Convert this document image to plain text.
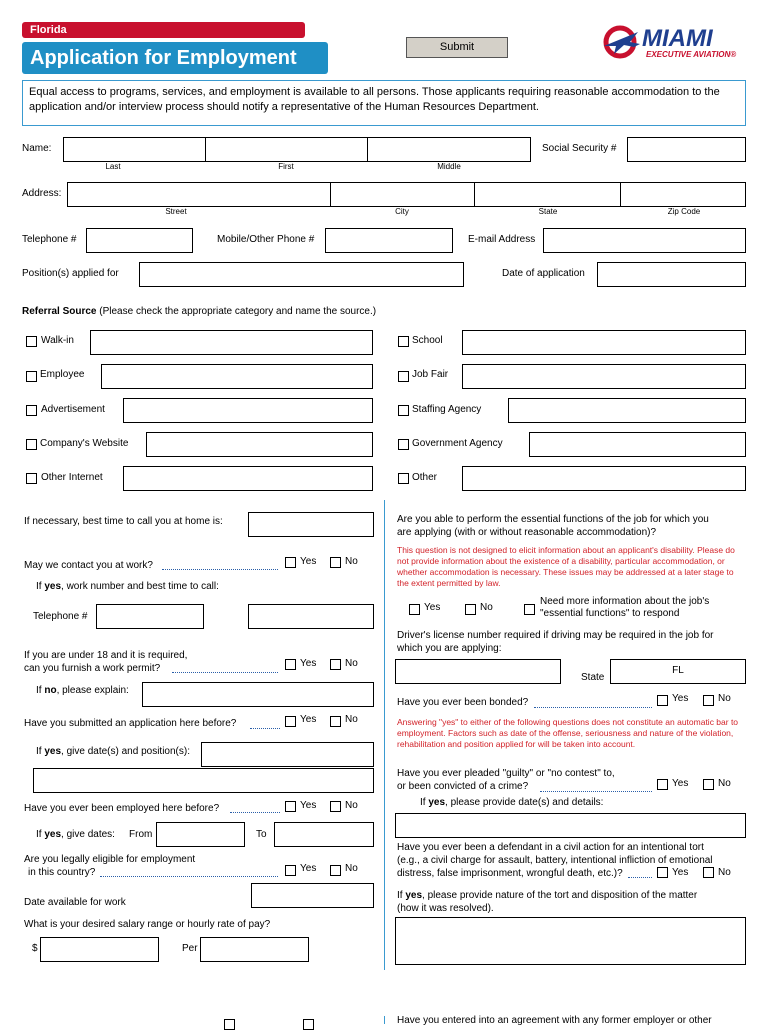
Florida
Application for Employment	Submit	MIAMI
EXECUTIVE AVIATION®
Equal access to programs, services, and employment is available to all persons. Those applicants requiring reasonable accommodation to the application and/or interview process should notify a representative of the Human Resources Department.
Name:
Last	First	Middle
Social Security #
Address:
Street	City	State	Zip Code
Telephone #	Mobile/Other Phone #	E-mail Address
Position(s) applied for	Date of application
Referral Source (Please check the appropriate category and name the source.)
Walk-in
Employee
Advertisement
Company's Website
Other Internet
School
Job Fair
Staffing Agency
Government Agency
Other
If necessary, best time to call you at home is:
May we contact you at work?	Yes	No
If yes, work number and best time to call:
Telephone #
If you are under 18 and it is required,
can you furnish a work permit?	Yes	No
If no, please explain:
Have you submitted an application here before?	Yes	No
If yes, give date(s) and position(s):
Have you ever been employed here before?	Yes	No
If yes, give dates: From	To
Are you legally eligible for employment
in this country?	Yes	No
Date available for work
What is your desired salary range or hourly rate of pay?
$	Per
Are you able to perform the essential functions of the job for which you
are applying (with or without reasonable accommodation)?
This question is not designed to elicit information about an applicant's disability. Please do not provide information about the existence of a disability, particular accommodation, or whether accommodation is necessary. These issues may be addressed at a later stage to the extent permitted by law.
Yes	No
Need more information about the job's
"essential functions" to respond
Driver's license number required if driving may be required in the job for
which you are applying:
State
FL
Have you ever been bonded?	Yes	No
Answering "yes" to either of the following questions does not constitute an automatic bar to employment. Factors such as date of the offense, seriousness and nature of the violation, rehabilitation and position applied for will be taken into account.
Have you ever pleaded "guilty" or "no contest" to,
or been convicted of a crime?	Yes	No
If yes, please provide date(s) and details:
Have you ever been a defendant in a civil action for an intentional tort
(e.g., a civil charge for assault, battery, intentional infliction of emotional
distress, false imprisonment, wrongful death, etc.)?	Yes	No
If yes, please provide nature of the tort and disposition of the matter
(how it was resolved).
Have you entered into an agreement with any former employer or other
